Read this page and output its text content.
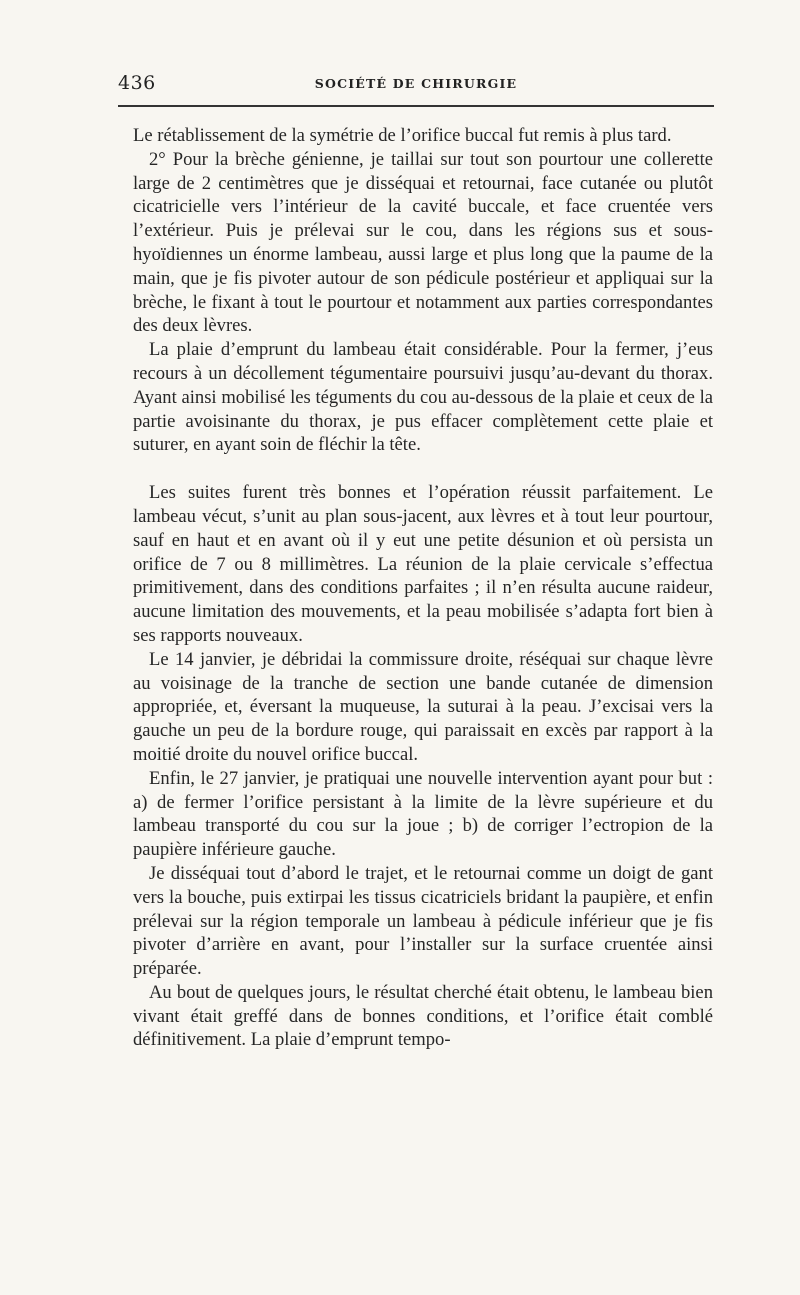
436	SOCIÉTÉ DE CHIRURGIE

Le rétablissement de la symétrie de l’orifice buccal fut remis à plus tard.

2° Pour la brèche génienne, je taillai sur tout son pourtour une collerette large de 2 centimètres que je disséquai et retournai, face cutanée ou plutôt cicatricielle vers l’intérieur de la cavité buccale, et face cruentée vers l’extérieur. Puis je prélevai sur le cou, dans les régions sus et sous-hyoïdiennes un énorme lambeau, aussi large et plus long que la paume de la main, que je fis pivoter autour de son pédicule postérieur et appliquai sur la brèche, le fixant à tout le pourtour et notamment aux parties correspondantes des deux lèvres.

La plaie d’emprunt du lambeau était considérable. Pour la fermer, j’eus recours à un décollement tégumentaire poursuivi jusqu’au-devant du thorax. Ayant ainsi mobilisé les téguments du cou au-dessous de la plaie et ceux de la partie avoisinante du thorax, je pus effacer complètement cette plaie et suturer, en ayant soin de fléchir la tête.

Les suites furent très bonnes et l’opération réussit parfaitement. Le lambeau vécut, s’unit au plan sous-jacent, aux lèvres et à tout leur pourtour, sauf en haut et en avant où il y eut une petite désunion et où persista un orifice de 7 ou 8 millimètres. La réunion de la plaie cervicale s’effectua primitivement, dans des conditions parfaites ; il n’en résulta aucune raideur, aucune limitation des mouvements, et la peau mobilisée s’adapta fort bien à ses rapports nouveaux.

Le 14 janvier, je débridai la commissure droite, réséquai sur chaque lèvre au voisinage de la tranche de section une bande cutanée de dimension appropriée, et, éversant la muqueuse, la suturai à la peau. J’excisai vers la gauche un peu de la bordure rouge, qui paraissait en excès par rapport à la moitié droite du nouvel orifice buccal.

Enfin, le 27 janvier, je pratiquai une nouvelle intervention ayant pour but : a) de fermer l’orifice persistant à la limite de la lèvre supérieure et du lambeau transporté du cou sur la joue ; b) de corriger l’ectropion de la paupière inférieure gauche.

Je disséquai tout d’abord le trajet, et le retournai comme un doigt de gant vers la bouche, puis extirpai les tissus cicatriciels bridant la paupière, et enfin prélevai sur la région temporale un lambeau à pédicule inférieur que je fis pivoter d’arrière en avant, pour l’installer sur la surface cruentée ainsi préparée.

Au bout de quelques jours, le résultat cherché était obtenu, le lambeau bien vivant était greffé dans de bonnes conditions, et l’orifice était comblé définitivement. La plaie d’emprunt tempo-
